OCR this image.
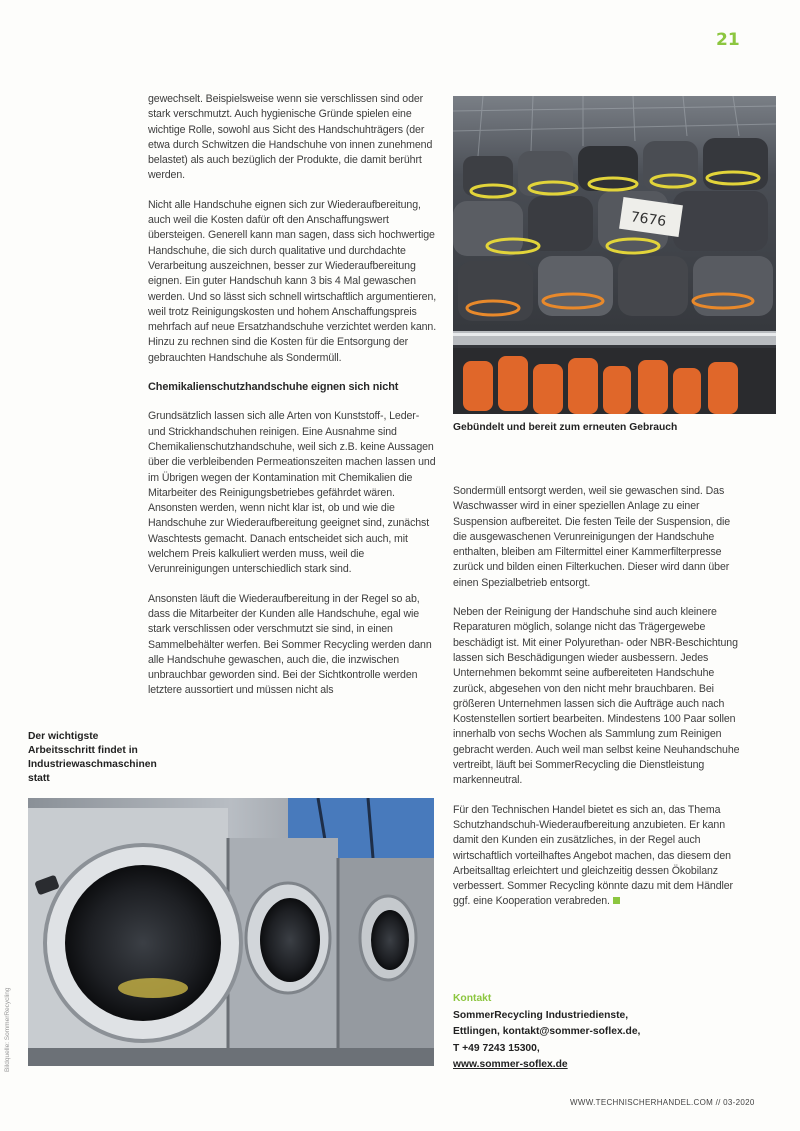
21

gewechselt. Beispielsweise wenn sie verschlissen sind oder stark verschmutzt. Auch hygienische Gründe spielen eine wichtige Rolle, sowohl aus Sicht des Handschuhträgers (der etwa durch Schwitzen die Handschuhe von innen zunehmend belastet) als auch bezüglich der Produkte, die damit berührt werden.

Nicht alle Handschuhe eignen sich zur Wiederaufbereitung, auch weil die Kosten dafür oft den Anschaffungswert übersteigen. Generell kann man sagen, dass sich hochwertige Handschuhe, die sich durch qualitative und durchdachte Verarbeitung auszeichnen, besser zur Wiederaufbereitung eignen. Ein guter Handschuh kann 3 bis 4 Mal gewaschen werden. Und so lässt sich schnell wirtschaftlich argumentieren, weil trotz Reinigungskosten und hohem Anschaffungspreis mehrfach auf neue Ersatzhandschuhe verzichtet werden kann. Hinzu zu rechnen sind die Kosten für die Entsorgung der gebrauchten Handschuhe als Sondermüll.

Chemikalienschutzhandschuhe eignen sich nicht

Grundsätzlich lassen sich alle Arten von Kunststoff-, Leder- und Strickhandschuhen reinigen. Eine Ausnahme sind Chemikalienschutzhandschuhe, weil sich z.B. keine Aussagen über die verbleibenden Permeationszeiten machen lassen und im Übrigen wegen der Kontamination mit Chemikalien die Mitarbeiter des Reinigungsbetriebes gefährdet wären. Ansonsten werden, wenn nicht klar ist, ob und wie die Handschuhe zur Wiederaufbereitung geeignet sind, zunächst Waschtests gemacht. Danach entscheidet sich auch, mit welchem Preis kalkuliert werden muss, weil die Verunreinigungen unterschiedlich stark sind.

Ansonsten läuft die Wiederaufbereitung in der Regel so ab, dass die Mitarbeiter der Kunden alle Handschuhe, egal wie stark verschlissen oder verschmutzt sie sind, in einen Sammelbehälter werfen. Bei Sommer Recycling werden dann alle Handschuhe gewaschen, auch die, die inzwischen unbrauchbar geworden sind. Bei der Sichtkontrolle werden letztere aussortiert und müssen nicht als

7676
Gebündelt und bereit zum erneuten Gebrauch

Sondermüll entsorgt werden, weil sie gewaschen sind. Das Waschwasser wird in einer speziellen Anlage zu einer Suspension aufbereitet. Die festen Teile der Suspension, die die ausgewaschenen Verunreinigungen der Handschuhe enthalten, bleiben am Filtermittel einer Kammerfilterpresse zurück und bilden einen Filterkuchen. Dieser wird dann über einen Spezialbetrieb entsorgt.

Neben der Reinigung der Handschuhe sind auch kleinere Reparaturen möglich, solange nicht das Trägergewebe beschädigt ist. Mit einer Polyurethan- oder NBR-Beschichtung lassen sich Beschädigungen wieder ausbessern. Jedes Unternehmen bekommt seine aufbereiteten Handschuhe zurück, abgesehen von den nicht mehr brauchbaren. Bei größeren Unternehmen lassen sich die Aufträge auch nach Kostenstellen sortiert bearbeiten. Mindestens 100 Paar sollen innerhalb von sechs Wochen als Sammlung zum Reinigen gebracht werden. Auch weil man selbst keine Neuhandschuhe vertreibt, läuft bei SommerRecycling die Dienstleistung markenneutral.

Für den Technischen Handel bietet es sich an, das Thema Schutzhandschuh-Wiederaufbereitung anzubieten. Er kann damit den Kunden ein zusätzliches, in der Regel auch wirtschaftlich vorteilhaftes Angebot machen, das diesem den Arbeitsalltag erleichtert und gleichzeitig dessen Ökobilanz verbessert. Sommer Recycling könnte dazu mit dem Händler ggf. eine Kooperation verabreden.

Der wichtigste Arbeitsschritt findet in Industriewaschmaschinen statt
Bildquelle: SommerRecycling	Kontakt
SommerRecycling Industriedienste,
Ettlingen, kontakt@sommer-soflex.de,
T +49 7243 15300,
www.sommer-soflex.de
WWW.TECHNISCHERHANDEL.COM // 03-2020
